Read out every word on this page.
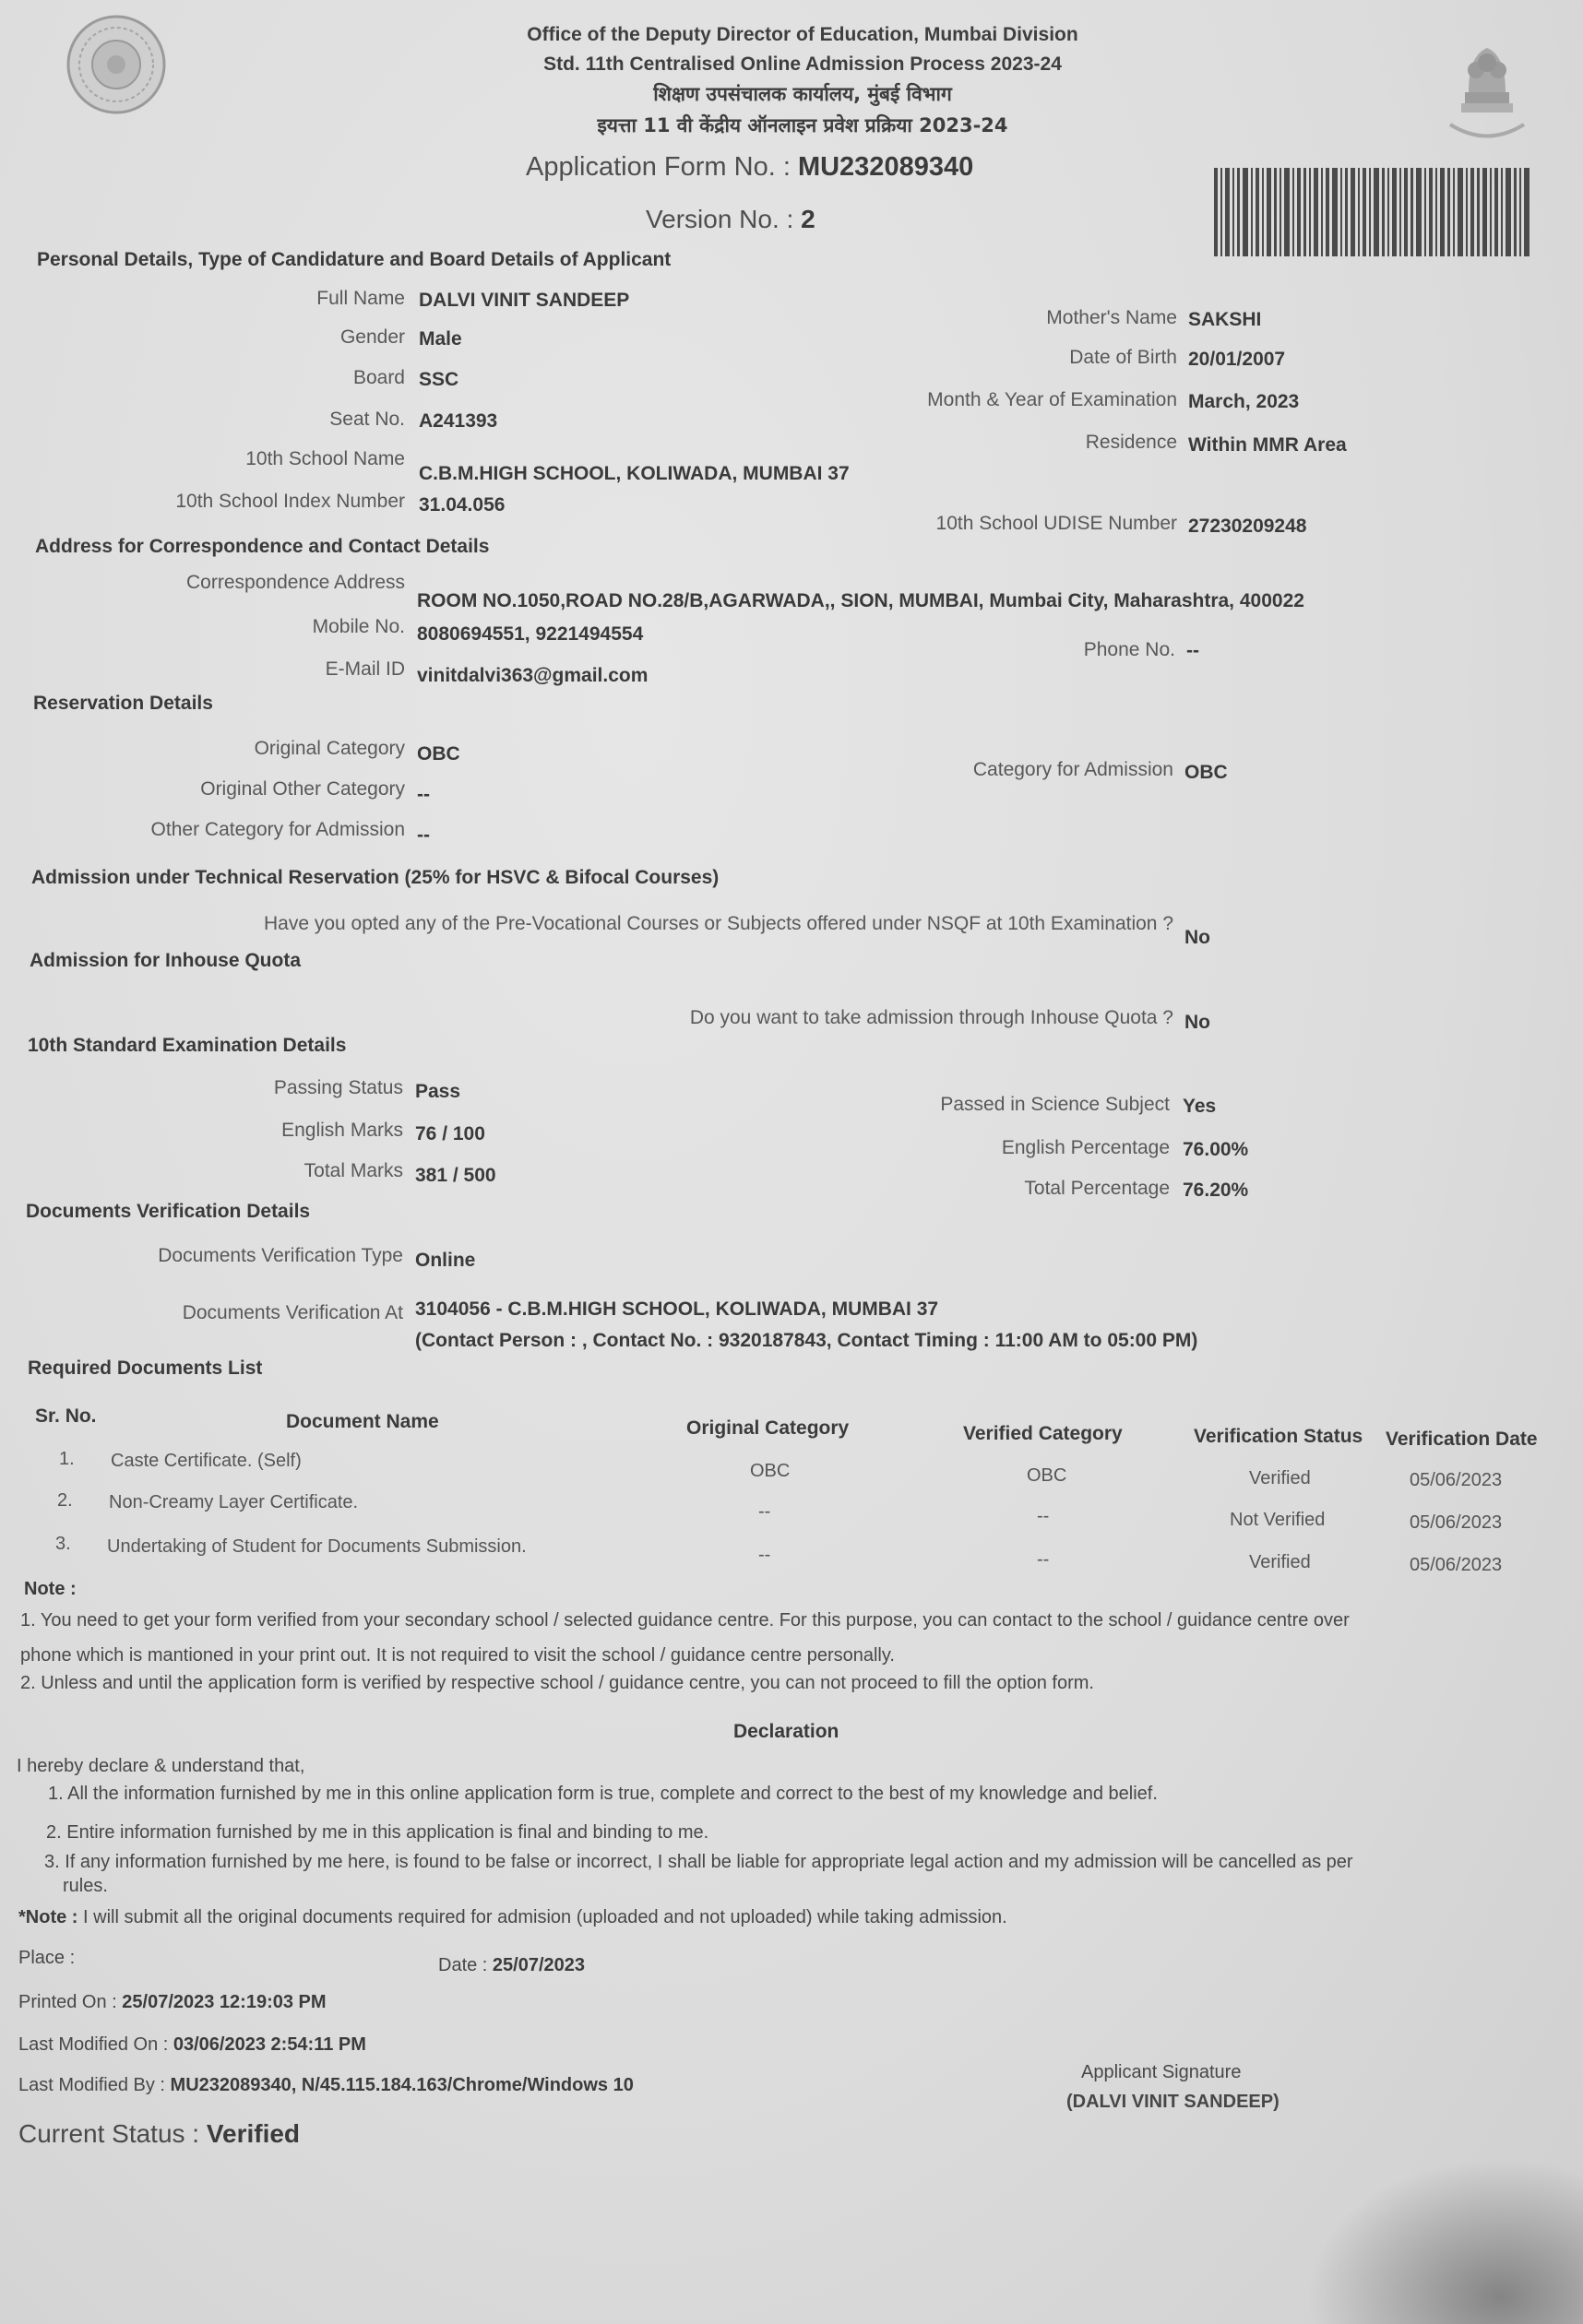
Office of the Deputy Director of Education, Mumbai Division
Std. 11th Centralised Online Admission Process 2023-24
शिक्षण उपसंचालक कार्यालय, मुंबई विभाग
इयत्ता 11 वी केंद्रीय ऑनलाइन प्रवेश प्रक्रिया 2023-24
Application Form No. : MU232089340
Version No. : 2
Personal Details, Type of Candidature and Board Details of Applicant
Full Name DALVI VINIT SANDEEP
Gender Male
Board SSC
Seat No. A241393
10th School Name
C.B.M.HIGH SCHOOL, KOLIWADA, MUMBAI 37
10th School Index Number 31.04.056
Mother's Name SAKSHI
Date of Birth 20/01/2007
Month & Year of Examination March, 2023
Residence Within MMR Area
10th School UDISE Number 27230209248
Address for Correspondence and Contact Details
Correspondence Address
ROOM NO.1050,ROAD NO.28/B,AGARWADA,, SION, MUMBAI, Mumbai City, Maharashtra, 400022
Mobile No. 8080694551, 9221494554
E-Mail ID vinitdalvi363@gmail.com
Phone No. --
Reservation Details
Original Category OBC
Original Other Category --
Other Category for Admission --
Category for Admission OBC
Admission under Technical Reservation (25% for HSVC & Bifocal Courses)
Have you opted any of the Pre-Vocational Courses or Subjects offered under NSQF at 10th Examination ?
No
Admission for Inhouse Quota
Do you want to take admission through Inhouse Quota ? No
10th Standard Examination Details
Passing Status Pass
English Marks 76 / 100
Total Marks 381 / 500
Passed in Science Subject Yes
English Percentage 76.00%
Total Percentage 76.20%
Documents Verification Details
Documents Verification Type Online
Documents Verification At 3104056 - C.B.M.HIGH SCHOOL, KOLIWADA, MUMBAI 37
(Contact Person : , Contact No. : 9320187843, Contact Timing : 11:00 AM to 05:00 PM)
Required Documents List
Sr. No.	Document Name	Original Category	Verified Category	Verification Status Verification Date
1. Caste Certificate. (Self)	OBC	OBC	Verified	05/06/2023
2. Non-Creamy Layer Certificate.	--	--	Not Verified	05/06/2023
3. Undertaking of Student for Documents Submission.	--	--	Verified	05/06/2023
Note :
1. You need to get your form verified from your secondary school / selected guidance centre. For this purpose, you can contact to the school / guidance centre over
phone which is mantioned in your print out. It is not required to visit the school / guidance centre personally.
2. Unless and until the application form is verified by respective school / guidance centre, you can not proceed to fill the option form.
Declaration
I hereby declare & understand that,
1. All the information furnished by me in this online application form is true, complete and correct to the best of my knowledge and belief.
2. Entire information furnished by me in this application is final and binding to me.
3. If any information furnished by me here, is found to be false or incorrect, I shall be liable for appropriate legal action and my admission will be cancelled as per
rules.
*Note : I will submit all the original documents required for admision (uploaded and not uploaded) while taking admission.
Place :	Date : 25/07/2023
Printed On : 25/07/2023 12:19:03 PM
Last Modified On : 03/06/2023 2:54:11 PM
Last Modified By : MU232089340, N/45.115.184.163/Chrome/Windows 10
Applicant Signature
(DALVI VINIT SANDEEP)
Current Status : Verified
